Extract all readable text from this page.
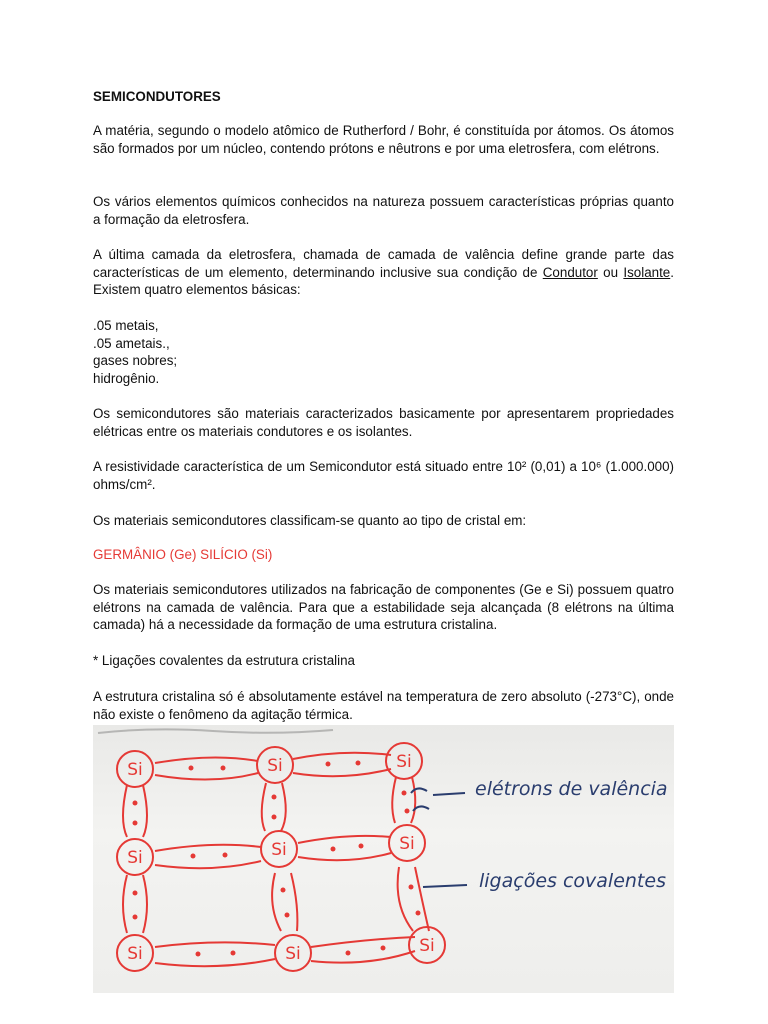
SEMICONDUTORES

A matéria, segundo o modelo atômico de Rutherford / Bohr, é constituída por átomos. Os átomos são formados por um núcleo, contendo prótons e nêutrons e por uma eletrosfera, com elétrons.

Os vários elementos químicos conhecidos na natureza possuem características próprias quanto a formação da eletrosfera.

A última camada da eletrosfera, chamada de camada de valência define grande parte das características de um elemento, determinando inclusive sua condição de Condutor ou Isolante. Existem quatro elementos básicas:

.05 metais,
.05 ametais.,
gases nobres;
hidrogênio.

Os semicondutores são materiais caracterizados basicamente por apresentarem propriedades elétricas entre os materiais condutores e os isolantes.

A resistividade característica de um Semicondutor está situado entre 10² (0,01) a 10⁶ (1.000.000) ohms/cm².

Os materiais semicondutores classificam-se quanto ao tipo de cristal em:

GERMÂNIO (Ge) SILÍCIO (Si)

Os materiais semicondutores utilizados na fabricação de componentes (Ge e Si) possuem quatro elétrons na camada de valência. Para que a estabilidade seja alcançada (8 elétrons na última camada) há a necessidade da formação de uma estrutura cristalina.

* Ligações covalentes da estrutura cristalina

A estrutura cristalina só é absolutamente estável na temperatura de zero absoluto (-273°C), onde não existe o fenômeno da agitação térmica.

Si	Si	Si
Si	Si	Si
Si	Si	Si
elétrons de valência
ligações covalentes
